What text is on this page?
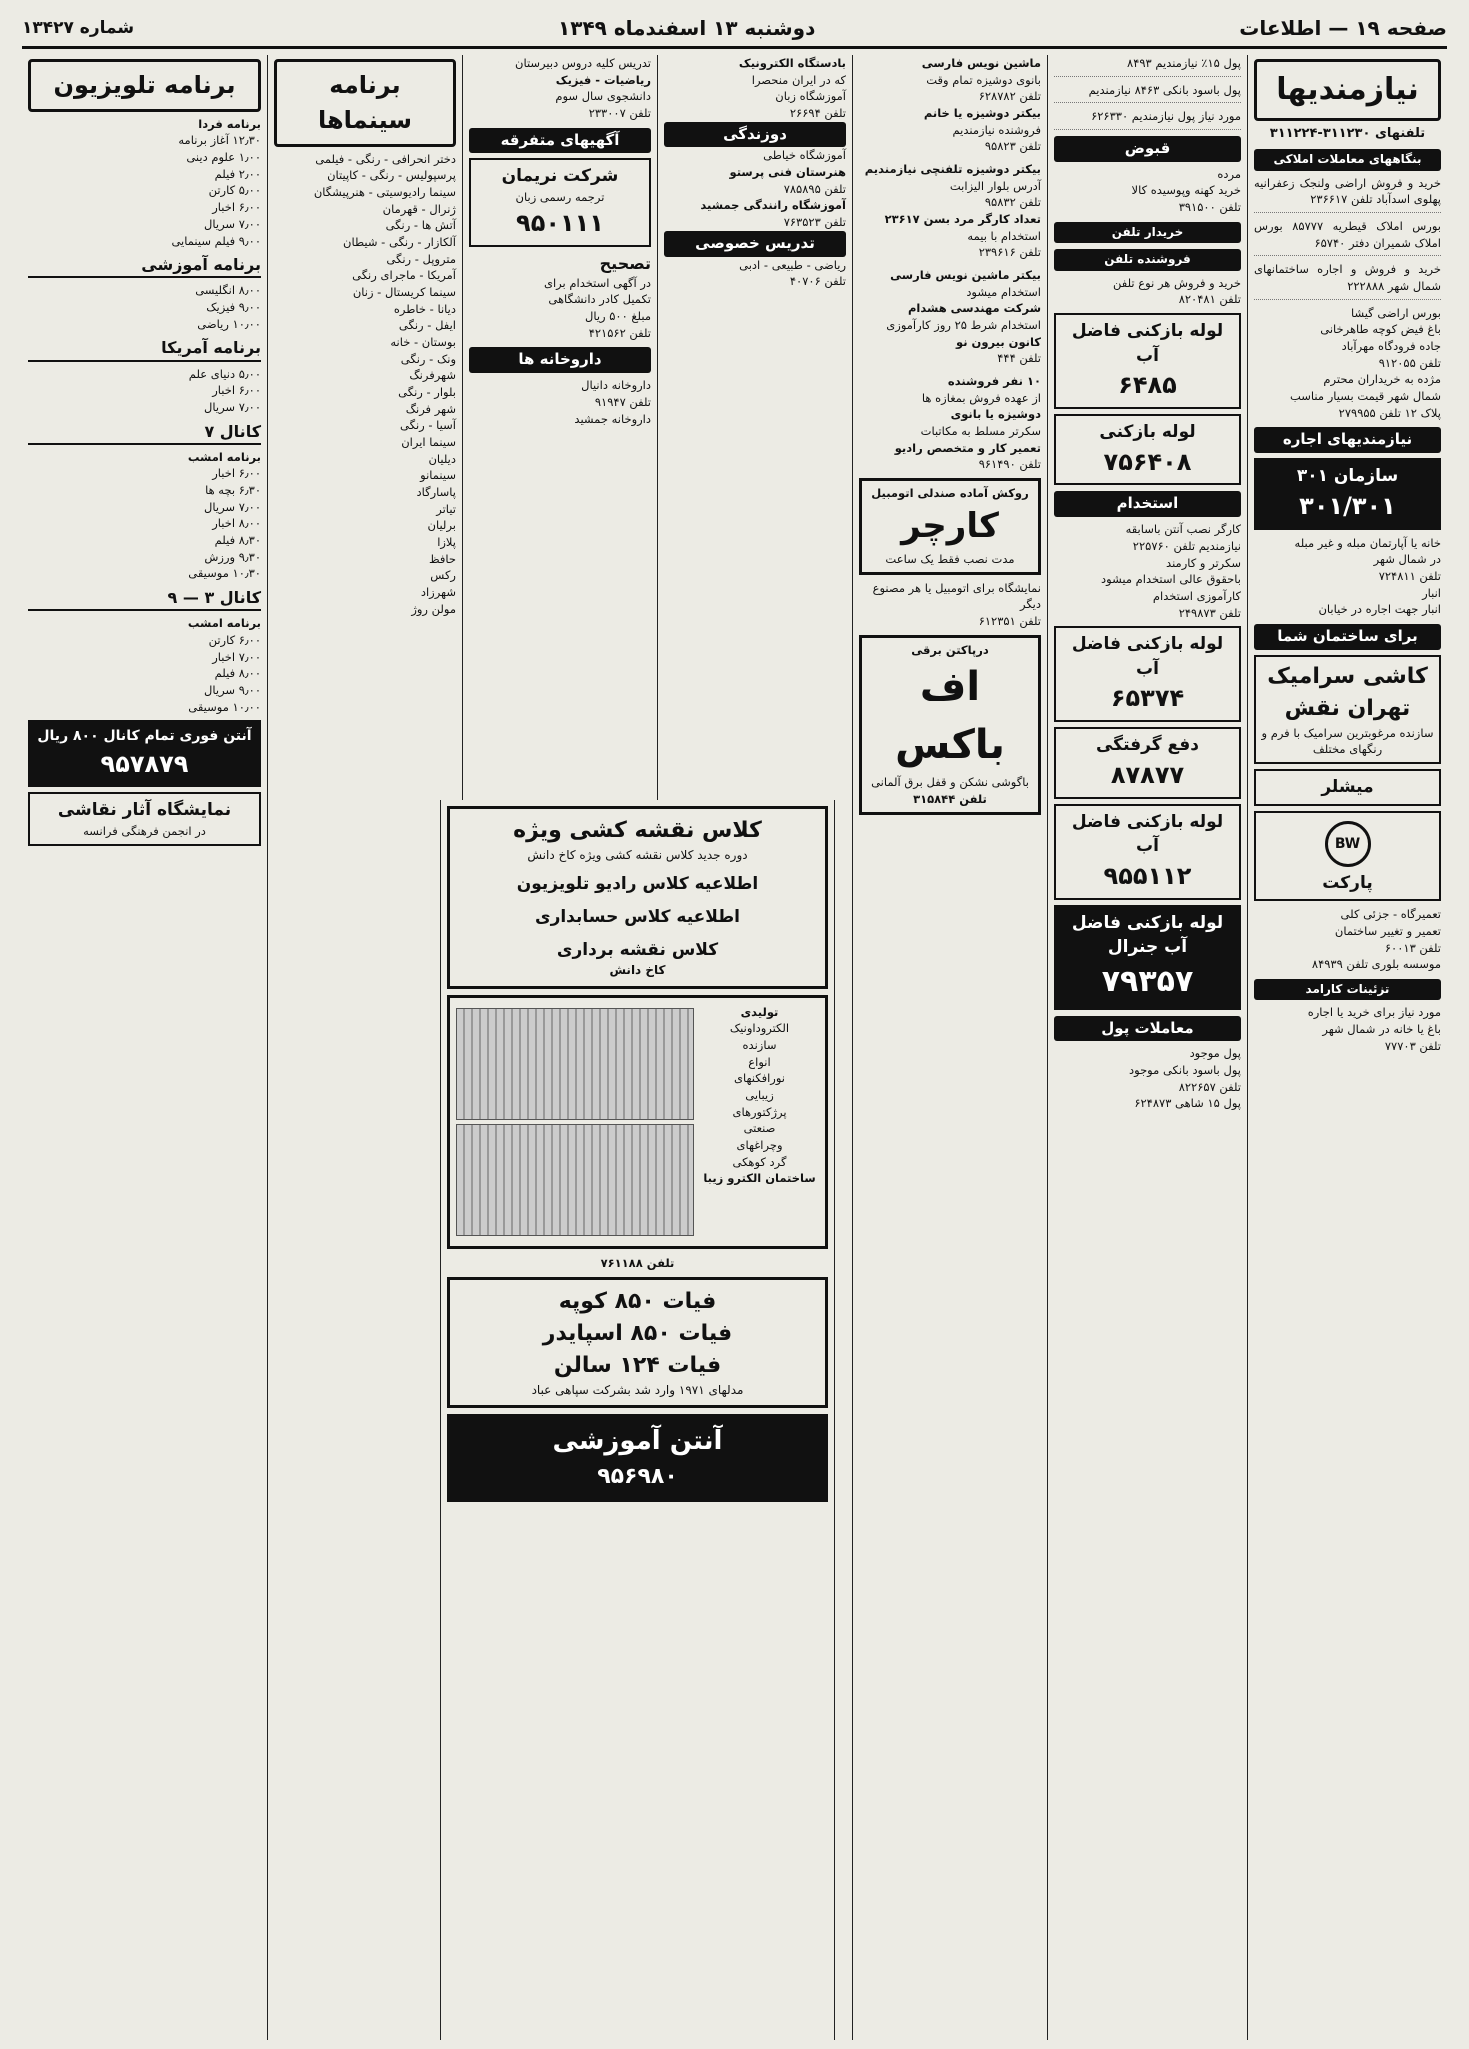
صفحه ۱۹ — اطلاعات
دوشنبه ۱۳ اسفندماه ۱۳۴۹
شماره ۱۳۴۲۷
نیازمندیها
تلفنهای ۳۱۱۲۳۰-۳۱۱۲۲۴
بنگاههای معاملات املاکی
خرید و فروش اراضی ولنجک زعفرانیه پهلوی اسدآباد تلفن ۲۳۶۶۱۷
بورس املاک قیطریه ۸۵۷۷۷ بورس املاک شمیران دفتر ۶۵۷۴۰
خرید و فروش و اجاره ساختمانهای شمال شهر ۲۲۲۸۸۸
بورس اراضی گیشا
باغ فیض کوچه طاهرخانی
جاده فرودگاه مهرآباد
تلفن ۹۱۲۰۵۵
مژده به خریداران محترم
شمال شهر قیمت بسیار مناسب
پلاک ۱۲ تلفن ۲۷۹۹۵۵
نیازمندیهای اجاره
سازمان ۳۰۱
۳۰۱/۳۰۱
خانه یا آپارتمان مبله و غیر مبله
در شمال شهر
تلفن ۷۲۴۸۱۱
انبار
انبار جهت اجاره در خیابان
برای ساختمان شما
کاشی سرامیک تهران نقش
سازنده مرغوبترین سرامیک با فرم و رنگهای مختلف
میشلر
BW
پارکت
تعمیرگاه - جزئی کلی
تعمیر و تغییر ساختمان
تلفن ۶۰۰۱۳
موسسه بلوری تلفن ۸۴۹۳۹
تزئینات کارامد
مورد نیاز برای خرید یا اجاره
باغ یا خانه در شمال شهر
تلفن ۷۷۷۰۳
پول ۱۵٪ نیازمندیم ۸۴۹۳
پول باسود بانکی ۸۴۶۳ نیازمندیم
مورد نیاز پول نیازمندیم ۶۲۶۳۳۰
قبوض
مرده
خرید کهنه وپوسیده کالا
تلفن ۳۹۱۵۰۰
خریدار تلفن
فروشنده تلفن
خرید و فروش هر نوع تلفن
تلفن ۸۲۰۴۸۱
لوله بازکنی فاضل آب
۶۴۸۵
لوله بازکنی
۷۵۶۴۰۸
استخدام
کارگر نصب آنتن باسابقه
نیازمندیم تلفن ۲۲۵۷۶۰
سکرتر و کارمند
باحقوق عالی استخدام میشود
کارآموزی استخدام
تلفن ۲۴۹۸۷۳
لوله بازکنی فاضل آب
۶۵۳۷۴
دفع گرفتگی
۸۷۸۷۷
لوله بازکنی فاضل آب
۹۵۵۱۱۲
لوله بازکنی فاضل آب جنرال
۷۹۳۵۷
معاملات پول
پول موجود
پول باسود بانکی موجود
تلفن ۸۲۲۶۵۷
پول ۱۵ شاهی ۶۲۴۸۷۳
ماشین نویس فارسی
بانوی دوشیزه تمام وقت
تلفن ۶۲۸۷۸۲
بیکتر دوشیزه یا خانم
فروشنده نیازمندیم
تلفن ۹۵۸۲۳
بیکتر دوشیزه تلفنچی نیازمندیم
آدرس بلوار الیزابت
تلفن ۹۵۸۳۲
تعداد کارگر مرد بسن ۲۳۶۱۷
استخدام با بیمه
تلفن ۲۳۹۶۱۶
بیکتر ماشین نویس فارسی
استخدام میشود
شرکت مهندسی هشدام
استخدام شرط ۲۵ روز کارآموزی
کانون بیرون نو
تلفن ۴۴۴
۱۰ نفر فروشنده
از عهده فروش بمغازه ها
دوشیزه یا بانوی
سکرتر مسلط به مکاتبات
تعمیر کار و متخصص رادیو
تلفن ۹۶۱۴۹۰
روکش آماده صندلی اتومبیل
کارچر
مدت نصب فقط یک ساعت
نمایشگاه برای اتومبیل یا هر مصنوع دیگر
تلفن ۶۱۲۳۵۱
درپاکتن برقی
اف باکس
باگوشی نشکن و قفل برق آلمانی
تلفن ۳۱۵۸۴۴
بادستگاه الکترونیک
که در ایران منحصرا
آموزشگاه زبان
تلفن ۲۶۶۹۴
دوزندگی
آموزشگاه خیاطی
هنرستان فنی پرستو
تلفن ۷۸۵۸۹۵
آموزشگاه رانندگی جمشید
تلفن ۷۶۳۵۲۳
تدریس خصوصی
ریاضی - طبیعی - ادبی
تلفن ۴۰۷۰۶
تدریس کلیه دروس دبیرستان
ریاضیات - فیزیک
دانشجوی سال سوم
تلفن ۲۳۳۰۰۷
آگهیهای متفرقه
شرکت نریمان
ترجمه رسمی زبان
۹۵۰۱۱۱
تصحیح
در آگهی استخدام برای
تکمیل کادر دانشگاهی
مبلغ ۵۰۰ ریال
تلفن ۴۲۱۵۶۲
داروخانه ها
داروخانه دانیال
تلفن ۹۱۹۴۷
داروخانه جمشید
برنامه سینماها
دختر انحرافی - رنگی - فیلمی
پرسپولیس - رنگی - کاپیتان
سینما رادیوسیتی - هنرپیشگان
ژنرال - قهرمان
آتش ها - رنگی
آلکازار - رنگی - شیطان
متروپل - رنگی
آمریکا - ماجرای رنگی
سینما کریستال - زنان
دیانا - خاطره
ایفل - رنگی
بوستان - خانه
ونک - رنگی
شهرفرنگ
بلوار - رنگی
شهر فرنگ
آسیا - رنگی
سینما ایران
دیلیان
سینمانو
پاسارگاد
تیاتر
برلیان
پلازا
حافظ
رکس
شهرزاد
مولن روژ
برنامه تلویزیون
برنامه فردا
۱۲٫۳۰ آغاز برنامه
۱٫۰۰ علوم دینی
۲٫۰۰ فیلم
۵٫۰۰ کارتن
۶٫۰۰ اخبار
۷٫۰۰ سریال
۹٫۰۰ فیلم سینمایی
برنامه آموزشی
۸٫۰۰ انگلیسی
۹٫۰۰ فیزیک
۱۰٫۰۰ ریاضی
برنامه آمریکا
۵٫۰۰ دنیای علم
۶٫۰۰ اخبار
۷٫۰۰ سریال
کانال ۷
برنامه امشب
۶٫۰۰ اخبار
۶٫۳۰ بچه ها
۷٫۰۰ سریال
۸٫۰۰ اخبار
۸٫۳۰ فیلم
۹٫۳۰ ورزش
۱۰٫۳۰ موسیقی
کانال ۳ — ۹
برنامه امشب
۶٫۰۰ کارتن
۷٫۰۰ اخبار
۸٫۰۰ فیلم
۹٫۰۰ سریال
۱۰٫۰۰ موسیقی
آنتن فوری تمام کانال ۸۰۰ ریال
۹۵۷۸۷۹
نمایشگاه آثار نقاشی
در انجمن فرهنگی فرانسه	کلاس نقشه کشی ویژه
دوره جدید کلاس نقشه کشی ویژه کاخ دانش
اطلاعیه کلاس رادیو تلویزیون
اطلاعیه کلاس حسابداری
کلاس نقشه برداری
کاخ دانش
تولیدی
الکتروداونیک
سازنده
انواع
نورافکنهای
زیبایی
پرژکتورهای
صنعتی
وچراغهای
گرد کوهکی
ساختمان الکترو زیبا
تلفن ۷۶۱۱۸۸
فیات ۸۵۰ کوپه
فیات ۸۵۰ اسپایدر
فیات ۱۲۴ سالن
مدلهای ۱۹۷۱ وارد شد بشرکت سپاهی عباد
آنتن آموزشی
۹۵۶۹۸۰
